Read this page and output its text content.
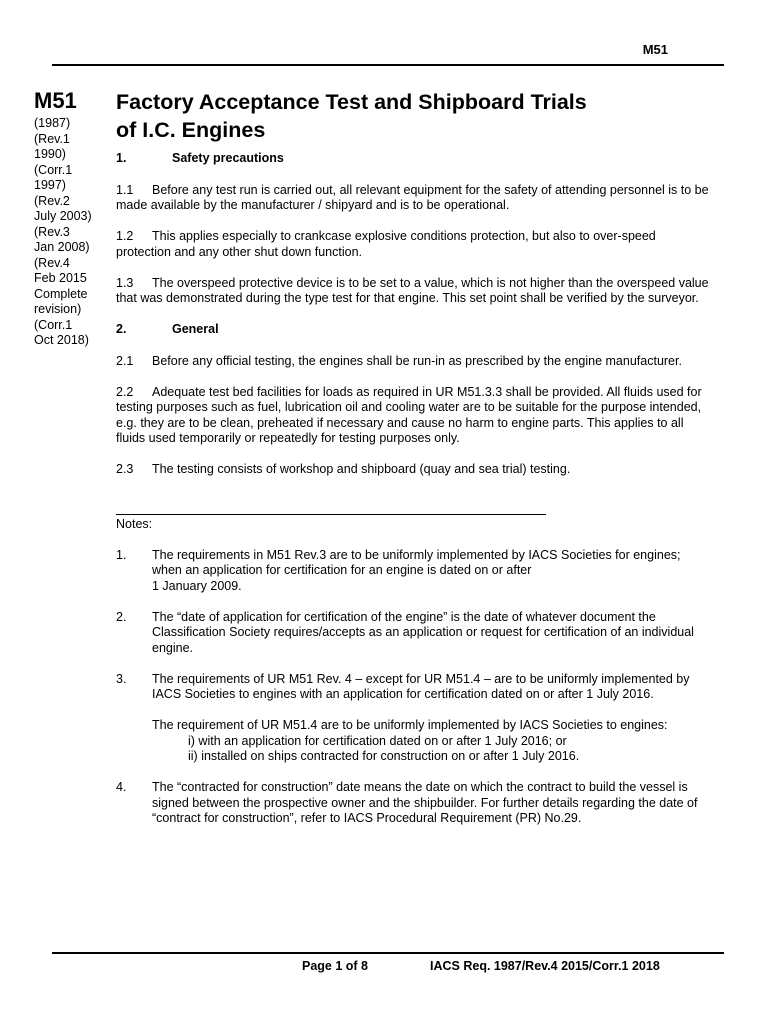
M51
M51
(1987)
(Rev.1
1990)
(Corr.1
1997)
(Rev.2
July 2003)
(Rev.3
Jan 2008)
(Rev.4
Feb 2015
Complete
revision)
(Corr.1
Oct 2018)
Factory Acceptance Test and Shipboard Trials
of I.C. Engines
1.	Safety precautions

1.1 Before any test run is carried out, all relevant equipment for the safety of attending personnel is to be made available by the manufacturer / shipyard and is to be operational.

1.2 This applies especially to crankcase explosive conditions protection, but also to over-speed protection and any other shut down function.

1.3 The overspeed protective device is to be set to a value, which is not higher than the overspeed value that was demonstrated during the type test for that engine. This set point shall be verified by the surveyor.

2.	General

2.1 Before any official testing, the engines shall be run-in as prescribed by the engine manufacturer.

2.2 Adequate test bed facilities for loads as required in UR M51.3.3 shall be provided. All fluids used for testing purposes such as fuel, lubrication oil and cooling water are to be suitable for the purpose intended, e.g. they are to be clean, preheated if necessary and cause no harm to engine parts. This applies to all fluids used temporarily or repeatedly for testing purposes only.

2.3 The testing consists of workshop and shipboard (quay and sea trial) testing.

Notes:
1. The requirements in M51 Rev.3 are to be uniformly implemented by IACS Societies for engines; when an application for certification for an engine is dated on or after

1 January 2009.

2. The “date of application for certification of the engine” is the date of whatever document the Classification Society requires/accepts as an application or request for certification of an individual engine.

3. The requirements of UR M51 Rev. 4 – except for UR M51.4 – are to be uniformly implemented by IACS Societies to engines with an application for certification dated on or after 1 July 2016.

The requirement of UR M51.4 are to be uniformly implemented by IACS Societies to engines:

i) with an application for certification dated on or after 1 July 2016; or

ii) installed on ships contracted for construction on or after 1 July 2016.

4. The “contracted for construction” date means the date on which the contract to build the vessel is signed between the prospective owner and the shipbuilder. For further details regarding the date of “contract for construction”, refer to IACS Procedural Requirement (PR) No.29.

Page 1 of 8	IACS Req. 1987/Rev.4 2015/Corr.1 2018
